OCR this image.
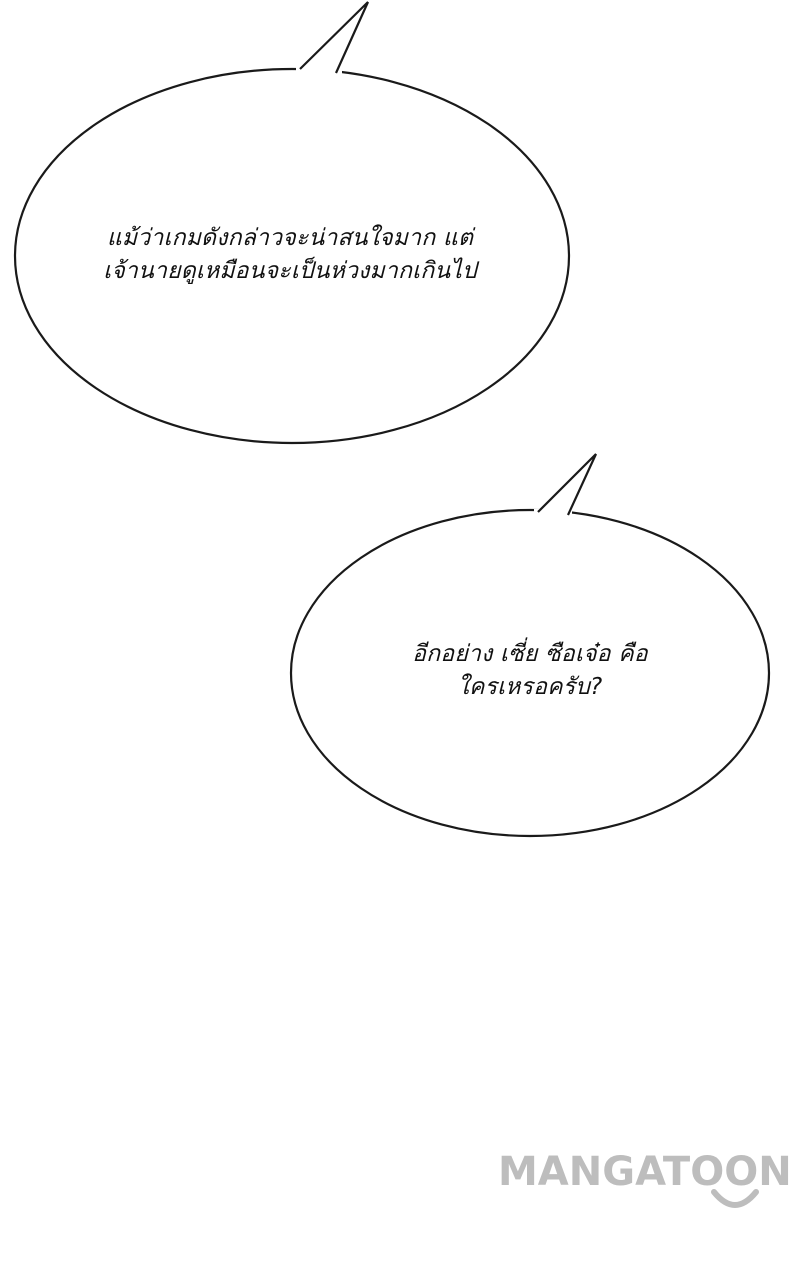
แม้ว่าเกมดังกล่าวจะน่าสนใจมาก แต่
เจ้านายดูเหมือนจะเป็นห่วงมากเกินไป
อีกอย่าง เซี่ย ซือเจ๋อ คือ
ใครเหรอครับ?
MANGATOON
